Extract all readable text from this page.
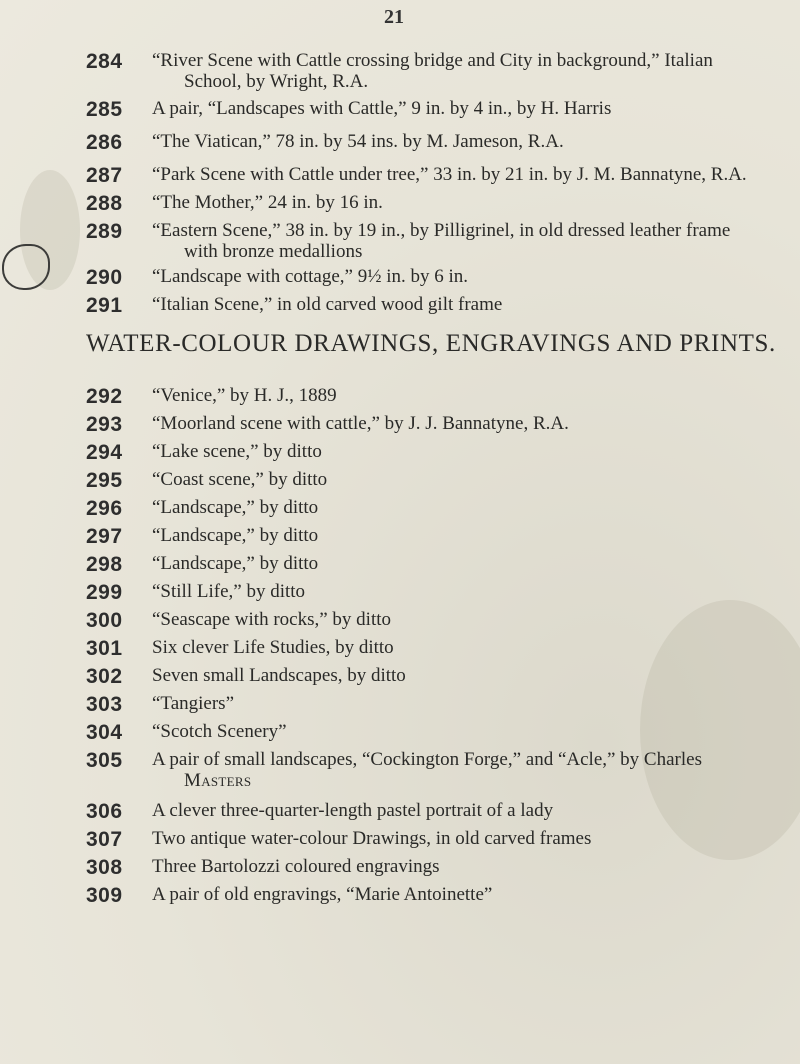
21
284 “River Scene with Cattle crossing bridge and City in background,” Italian
School, by Wright, R.A.
285 A pair, “Landscapes with Cattle,” 9 in. by 4 in., by H. Harris
286 “The Viatican,” 78 in. by 54 ins. by M. Jameson, R.A.
287 “Park Scene with Cattle under tree,” 33 in. by 21 in. by J. M. Bannatyne, R.A.
288 “The Mother,” 24 in. by 16 in.
289 “Eastern Scene,” 38 in. by 19 in., by Pilligrinel, in old dressed leather frame
with bronze medallions
290 “Landscape with cottage,” 9½ in. by 6 in.
291 “Italian Scene,” in old carved wood gilt frame
WATER-COLOUR DRAWINGS, ENGRAVINGS AND PRINTS.
292 “Venice,” by H. J., 1889
293 “Moorland scene with cattle,” by J. J. Bannatyne, R.A.
294 “Lake scene,” by ditto
295 “Coast scene,” by ditto
296 “Landscape,” by ditto
297 “Landscape,” by ditto
298 “Landscape,” by ditto
299 “Still Life,” by ditto
300 “Seascape with rocks,” by ditto
301 Six clever Life Studies, by ditto
302 Seven small Landscapes, by ditto
303 “Tangiers”
304 “Scotch Scenery”
305 A pair of small landscapes, “Cockington Forge,” and “Acle,” by Charles
Masters
306 A clever three-quarter-length pastel portrait of a lady
307 Two antique water-colour Drawings, in old carved frames
308 Three Bartolozzi coloured engravings
309 A pair of old engravings, “Marie Antoinette”
